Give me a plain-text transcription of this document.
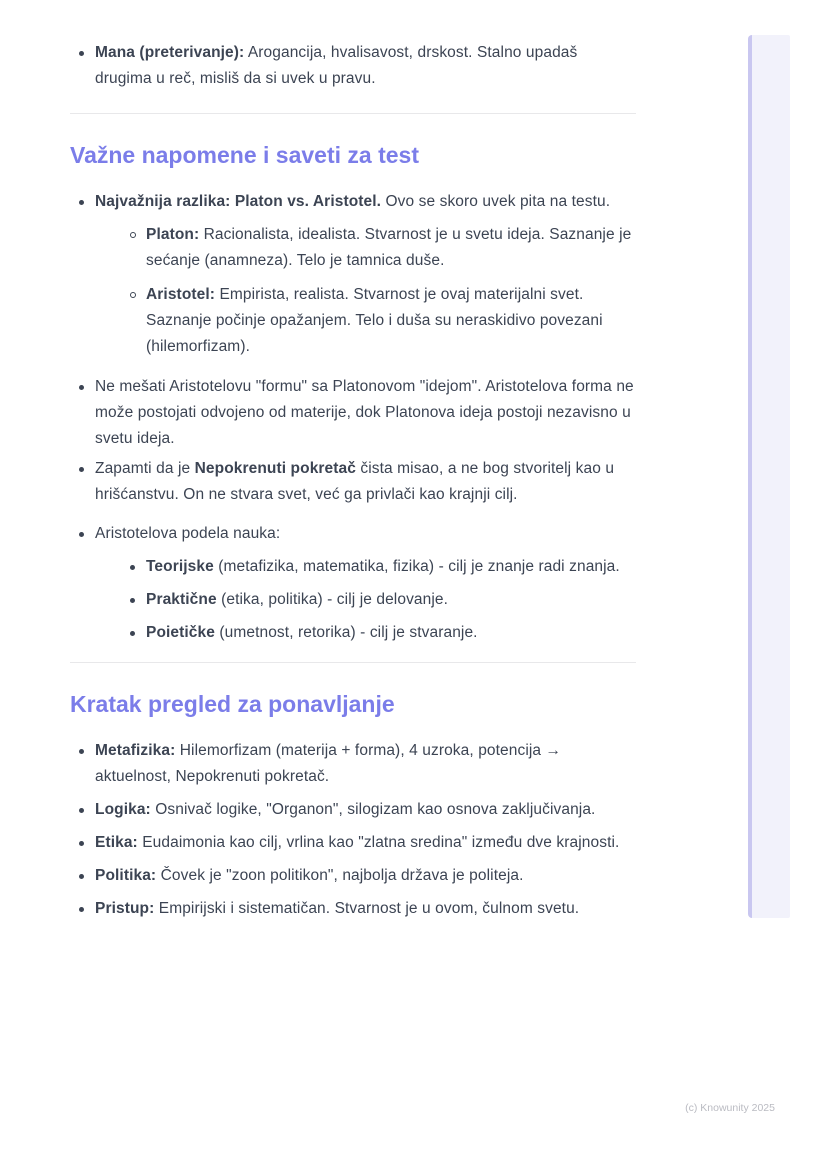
Mana (preterivanje): Arogancija, hvalisavost, drskost. Stalno upadaš drugima u reč, misliš da si uvek u pravu.
Važne napomene i saveti za test
Najvažnija razlika: Platon vs. Aristotel. Ovo se skoro uvek pita na testu.
Platon: Racionalista, idealista. Stvarnost je u svetu ideja. Saznanje je sećanje (anamneza). Telo je tamnica duše.
Aristotel: Empirista, realista. Stvarnost je ovaj materijalni svet. Saznanje počinje opažanjem. Telo i duša su neraskidivo povezani (hilemorfizam).
Ne mešati Aristotelovu "formu" sa Platonovom "idejom". Aristotelova forma ne može postojati odvojeno od materije, dok Platonova ideja postoji nezavisno u svetu ideja.
Zapamti da je Nepokrenuti pokretač čista misao, a ne bog stvoritelj kao u hrišćanstvu. On ne stvara svet, već ga privlači kao krajnji cilj.
Aristotelova podela nauka:
Teorijske (metafizika, matematika, fizika) - cilj je znanje radi znanja.
Praktične (etika, politika) - cilj je delovanje.
Poietičke (umetnost, retorika) - cilj je stvaranje.
Kratak pregled za ponavljanje
Metafizika: Hilemorfizam (materija + forma), 4 uzroka, potencija → aktuelnost, Nepokrenuti pokretač.
Logika: Osnivač logike, "Organon", silogizam kao osnova zaključivanja.
Etika: Eudaimonia kao cilj, vrlina kao "zlatna sredina" između dve krajnosti.
Politika: Čovek je "zoon politikon", najbolja država je politeja.
Pristup: Empirijski i sistematičan. Stvarnost je u ovom, čulnom svetu.
(c) Knowunity 2025
